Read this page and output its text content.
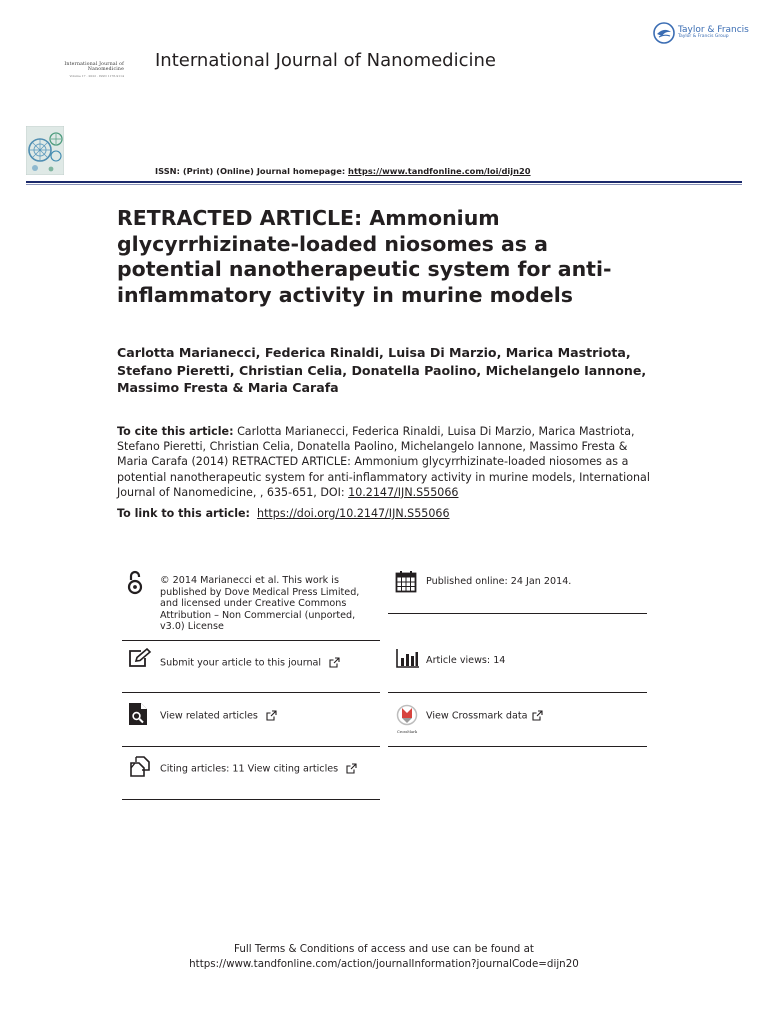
International Journal of
Nanomedicine
Volume 17 · 2022 · ISSN 1176-9114
International Journal of Nanomedicine
Taylor & Francis
Taylor & Francis Group
ISSN: (Print) (Online) Journal homepage: https://www.tandfonline.com/loi/dijn20
RETRACTED ARTICLE: Ammonium glycyrrhizinate-loaded niosomes as a potential nanotherapeutic system for anti-inflammatory activity in murine models
Carlotta Marianecci, Federica Rinaldi, Luisa Di Marzio, Marica Mastriota, Stefano Pieretti, Christian Celia, Donatella Paolino, Michelangelo Iannone, Massimo Fresta & Maria Carafa
To cite this article: Carlotta Marianecci, Federica Rinaldi, Luisa Di Marzio, Marica Mastriota, Stefano Pieretti, Christian Celia, Donatella Paolino, Michelangelo Iannone, Massimo Fresta & Maria Carafa (2014) RETRACTED ARTICLE: Ammonium glycyrrhizinate-loaded niosomes as a potential nanotherapeutic system for anti-inflammatory activity in murine models, International Journal of Nanomedicine, , 635-651, DOI: 10.2147/IJN.S55066
To link to this article: https://doi.org/10.2147/IJN.S55066
© 2014 Marianecci et al. This work is published by Dove Medical Press Limited, and licensed under Creative Commons Attribution – Non Commercial (unported, v3.0) License
Published online: 24 Jan 2014.
Submit your article to this journal	Article views: 14
View related articles
CrossMark
View Crossmark data
Citing articles: 11 View citing articles
Full Terms & Conditions of access and use can be found at
https://www.tandfonline.com/action/journalInformation?journalCode=dijn20
